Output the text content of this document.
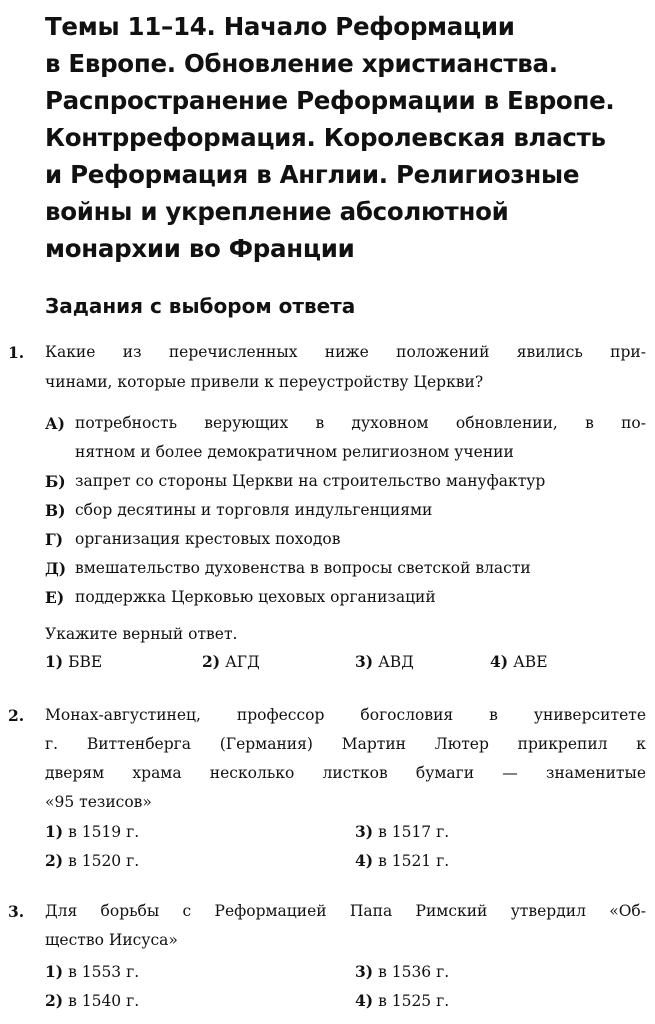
Темы 11–14. Начало Реформации
в Европе. Обновление христианства.
Распространение Реформации в Европе.
Контрреформация. Королевская власть
и Реформация в Англии. Религиозные
войны и укрепление абсолютной
монархии во Франции
Задания с выбором ответа
1. Какие из перечисленных ниже положений явились при-
чинами, которые привели к переустройству Церкви?
А) потребность верующих в духовном обновлении, в по-
нятном и более демократичном религиозном учении
Б) запрет со стороны Церкви на строительство мануфактур
В) сбор десятины и торговля индульгенциями
Г) организация крестовых походов
Д) вмешательство духовенства в вопросы светской власти
Е) поддержка Церковью цеховых организаций
Укажите верный ответ.
1) БВЕ	2) АГД	3) АВД	4) АВЕ
2. Монах-августинец, профессор богословия в университете
г. Виттенберга (Германия) Мартин Лютер прикрепил к
дверям храма несколько листков бумаги — знаменитые
«95 тезисов»
1) в 1519 г.	3) в 1517 г.
2) в 1520 г.	4) в 1521 г.
3. Для борьбы с Реформацией Папа Римский утвердил «Об-
щество Иисуса»
1) в 1553 г.	3) в 1536 г.
2) в 1540 г.	4) в 1525 г.
